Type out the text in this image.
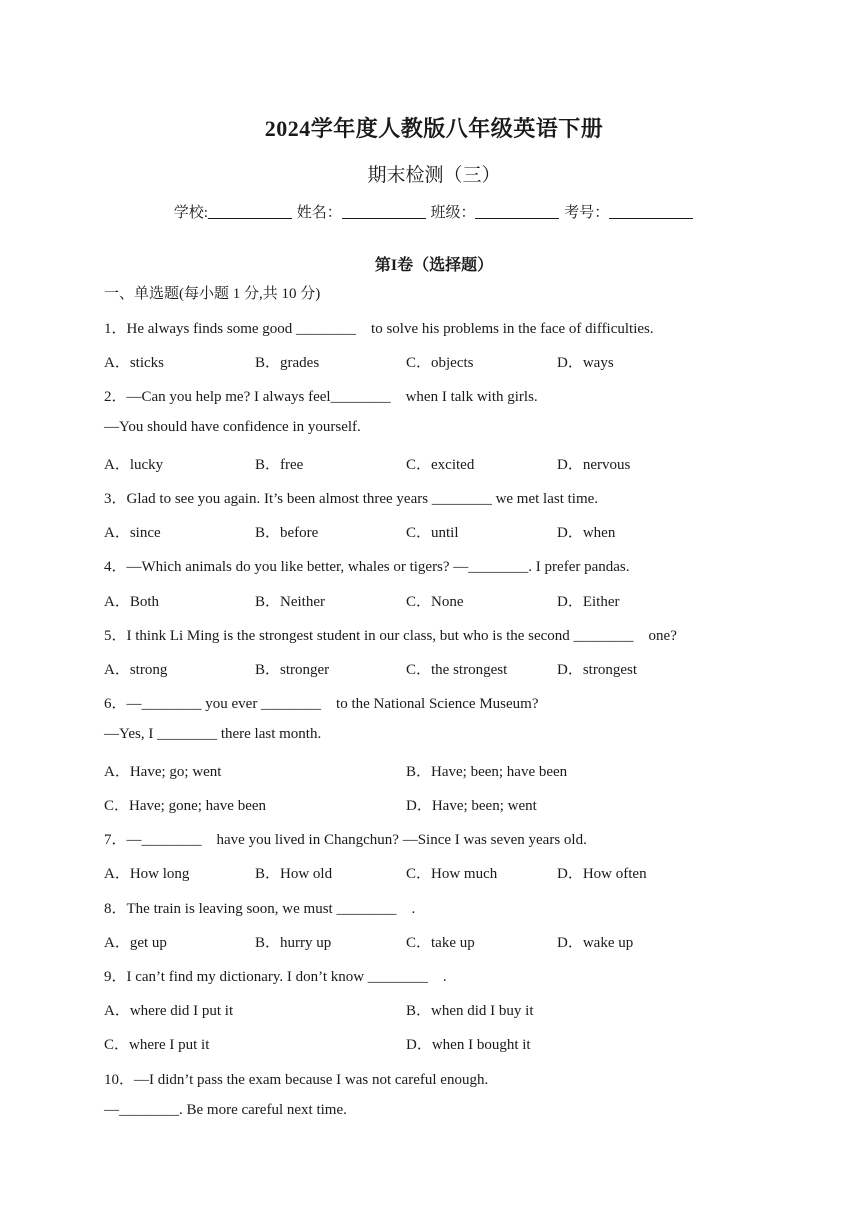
2024学年度人教版八年级英语下册
期末检测（三）
学校:	姓名：	班级：	考号：
第I卷（选择题）
一、单选题(每小题 1 分,共 10 分)
1．He always finds some good ________　to solve his problems in the face of difficulties.
A．sticks	B．grades	C．objects	D．ways
2．—Can you help me? I always feel________　when I talk with girls.
—You should have confidence in yourself.
A．lucky	B．free	C．excited	D．nervous
3．Glad to see you again. It’s been almost three years ________ we met last time.
A．since	B．before	C．until	D．when
4．—Which animals do you like better, whales or tigers? —________. I prefer pandas.
A．Both	B．Neither	C．None	D．Either
5．I think Li Ming is the strongest student in our class, but who is the second ________　one?
A．strong	B．stronger	C．the strongest	D．strongest
6．—________ you ever ________　to the National Science Museum?
—Yes, I ________ there last month.
A．Have; go; went	B．Have; been; have been
C．Have; gone; have been	D．Have; been; went
7．—________　have you lived in Changchun? —Since I was seven years old.
A．How long	B．How old	C．How much	D．How often
8．The train is leaving soon, we must ________　.
A．get up	B．hurry up	C．take up	D．wake up
9．I can’t find my dictionary. I don’t know ________　.
A．where did I put it	B．when did I buy it
C．where I put it	D．when I bought it
10．—I didn’t pass the exam because I was not careful enough.
—________. Be more careful next time.
